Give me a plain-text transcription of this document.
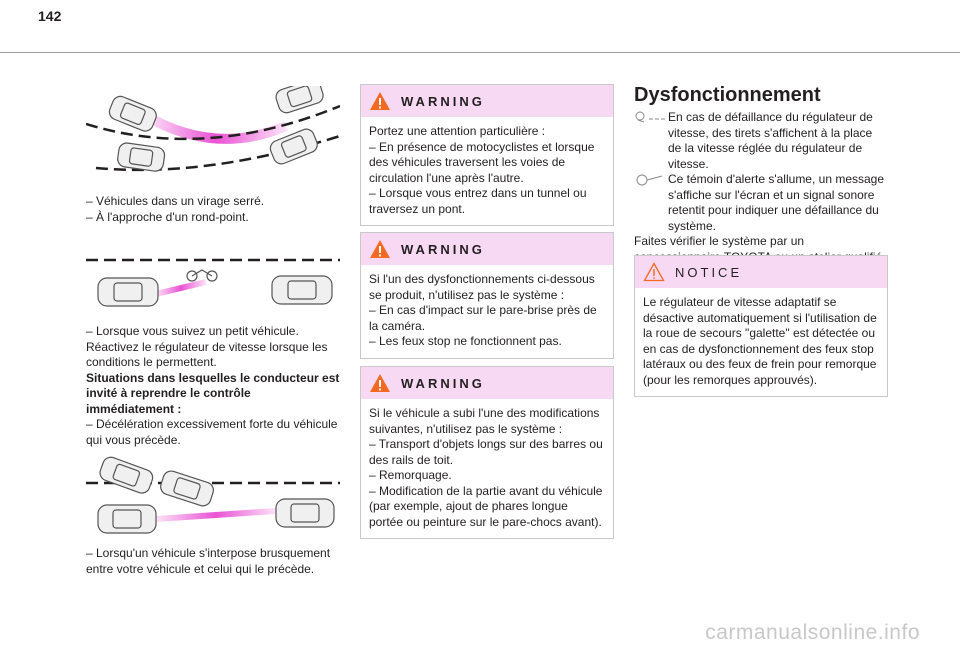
142

– Véhicules dans un virage serré.

– À l'approche d'un rond-point.

– Lorsque vous suivez un petit véhicule.

Réactivez le régulateur de vitesse lorsque les conditions le permettent.

Situations dans lesquelles le conducteur est invité à reprendre le contrôle immédiatement :

– Décélération excessivement forte du véhicule qui vous précède.

– Lorsqu'un véhicule s'interpose brusquement entre votre véhicule et celui qui le précède.

WARNING

Portez une attention particulière :

– En présence de motocyclistes et lorsque des véhicules traversent les voies de circulation l'une après l'autre.

– Lorsque vous entrez dans un tunnel ou traversez un pont.

WARNING

Si l'un des dysfonctionnements ci-dessous se produit, n'utilisez pas le système :

– En cas d'impact sur le pare-brise près de la caméra.

– Les feux stop ne fonctionnent pas.

WARNING

Si le véhicule a subi l'une des modifications suivantes, n'utilisez pas le système :

– Transport d'objets longs sur des barres ou des rails de toit.

– Remorquage.

– Modification de la partie avant du véhicule (par exemple, ajout de phares longue portée ou peinture sur le pare-chocs avant).

Dysfonctionnement

En cas de défaillance du régulateur de vitesse, des tirets s'affichent à la place de la vitesse réglée du régulateur de vitesse.

Ce témoin d'alerte s'allume, un message s'affiche sur l'écran et un signal sonore retentit pour indiquer une défaillance du système.

Faites vérifier le système par un

NOTICE

Le régulateur de vitesse adaptatif se désactive automatiquement si l'utilisation de la roue de secours "galette" est détectée ou en cas de dysfonctionnement des feux stop latéraux ou des feux de frein pour remorque (pour les remorques approuvés).

carmanualsonline.info
